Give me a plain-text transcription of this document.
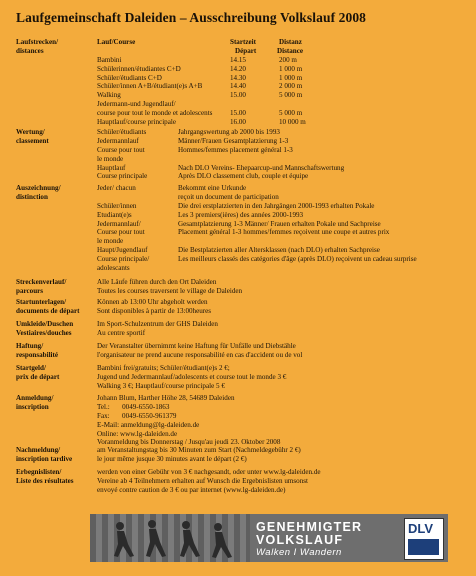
Laufgemeinschaft Daleiden – Ausschreibung Volkslauf 2008
Laufstrecken/
distances
Lauf/Course	Startzeit	Distanz
Départ	Distance
Bambini	14.15	200 m
Schülerinnen/étudiantes C+D	14.20	1 000 m
Schüler/étudiants C+D	14.30	1 000 m
Schüler/innen A+B/étudiant(e)s A+B	14.40	2 000 m
Walking	15.00	5 000 m
Jedermann-und Jugendlauf/
course pour tout le monde et adolescents 15.00	5 000 m
Hauptlauf/course principale	16.00	10 000 m
Wertung/
classement
Schüler/étudiants	Jahrgangswertung ab 2000 bis 1993
Jedermannlauf	Männer/Frauen Gesamtplatzierung 1-3
Course pour tout	Hommes/femmes placement général 1-3
le monde
Hauptlauf	Nach DLO Vereins- Ehepaarcup-und Mannschaftswertung
Course principale	Après DLO classement club, couple et équipe
Auszeichnung/
distinction
Jeder/ chacun	Bekommt eine Urkunde
reçoit un document de participation
Schüler/innen	Die drei erstplatzierten in den Jahrgängen 2000-1993 erhalten Pokale
Etudiant(e)s	Les 3 premiers(ières) des années 2000-1993
Jedermannlauf/	Gesamtplatzierung 1-3 Männer/ Frauen erhalten Pokale und Sachpreise
Course pour tout	Placement général 1-3 hommes/femmes reçoivent une coupe et autres prix
le monde
Haupt/Jugendlauf	Die Bestplatzierten aller Altersklassen (nach DLO) erhalten Sachpreise
Course principale/	Les meilleurs classés des catégories d'âge (après DLO) reçoivent un cadeau surprise
adolescants
Streckenverlauf/
parcours
Alle Läufe führen durch den Ort Daleiden
Toutes les courses traversent le village de Daleiden
Startunterlagen/
documents de départ
Können ab 13:00 Uhr abgeholt werden
Sont disponibles à partir de 13:00heures
Umkleide/Duschen
Vestiaires/douches
Im Sport-Schulzentrum der GHS Daleiden
Au centre sportif
Haftung/
responsabilité
Der Veranstalter übernimmt keine Haftung für Unfälle und Diebstähle
l'organisateur ne prend aucune responsabilité en cas d'accident ou de vol
Startgeld/
prix de départ
Bambini frei/gratuits; Schüler/étudiant(e)s 2 €;
Jugend und Jedermannlauf/adolescents et course tout le monde 3 €
Walking 3 €; Hauptlauf/course principale 5 €
Anmeldung/
inscription
Johann Blum, Harther Höhe 28, 54689 Daleiden
Tel.:       0049-6550-1863
Fax:       0049-6550-961379
E-Mail: anmeldung@lg-daleiden.de
Online: www.lg-daleiden.de
Voranmeldung bis Donnerstag / Jusqu'au jeudi 23. Oktober 2008
Nachmeldung/
inscription tardive
am Veranstaltungstag bis 30 Minuten zum Start (Nachmeldegebühr 2 €)
le jour même jusque 30 minutes avant le départ (2 €)
Erbegnislisten/
Liste des résultates
werden von einer Gebühr von 3 € nachgesandt, oder unter www.lg-daleiden.de
Vereine ab 4 Teilnehmern erhalten auf Wunsch die Ergebnislisten umsonst
envoyé contre caution de 3 € ou par internet (www.lg-daleiden.de)
GENEHMIGTER
VOLKSLAUF
Walken I Wandern
DLV
